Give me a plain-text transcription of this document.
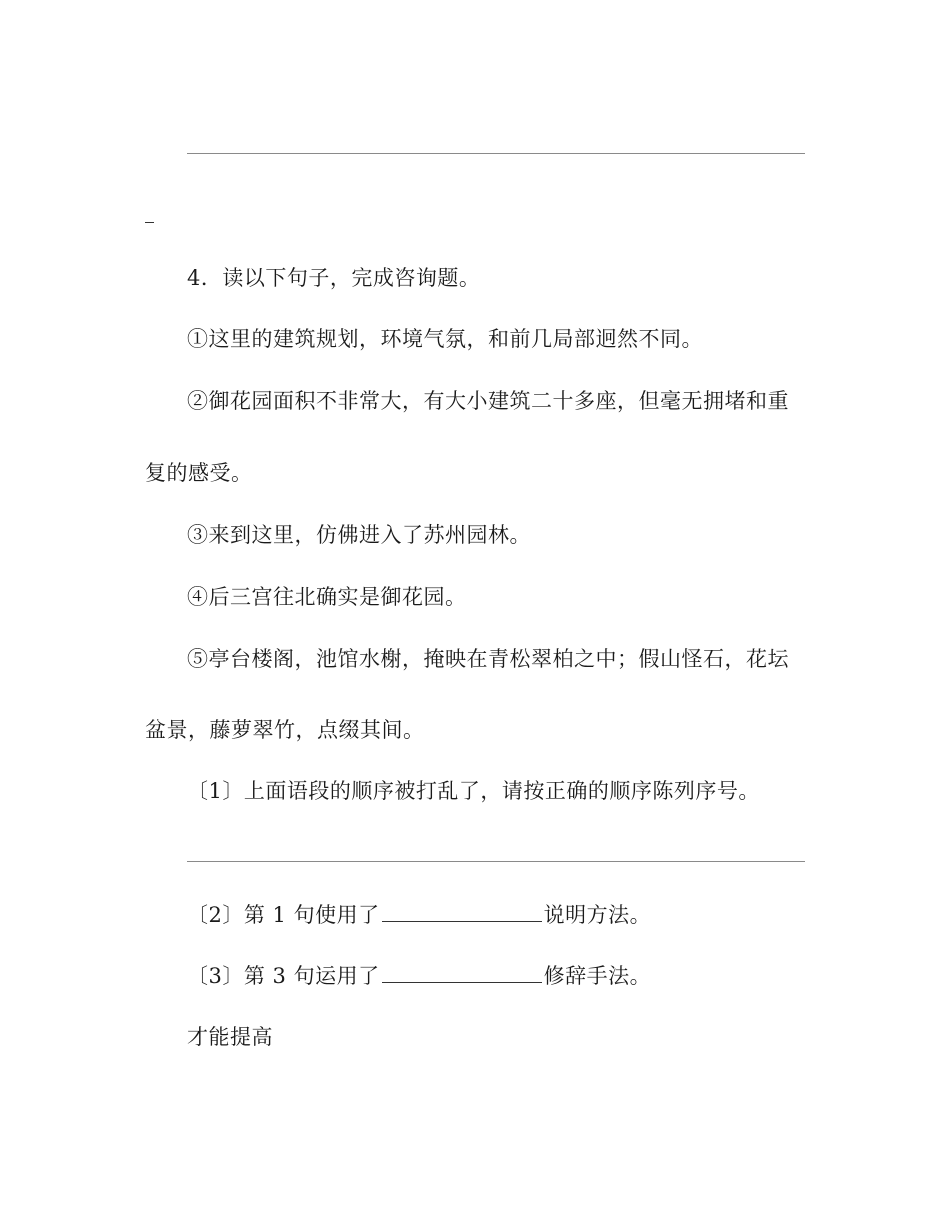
4．读以下句子，完成咨询题。
①这里的建筑规划，环境气氛，和前几局部迥然不同。
②御花园面积不非常大，有大小建筑二十多座，但毫无拥堵和重
复的感受。
③来到这里，仿佛进入了苏州园林。
④后三宫往北确实是御花园。
⑤亭台楼阁，池馆水榭，掩映在青松翠柏之中；假山怪石，花坛
盆景，藤萝翠竹，点缀其间。
〔1〕上面语段的顺序被打乱了，请按正确的顺序陈列序号。
〔2〕第 1 句使用了	说明方法。
〔3〕第 3 句运用了	修辞手法。
才能提高
